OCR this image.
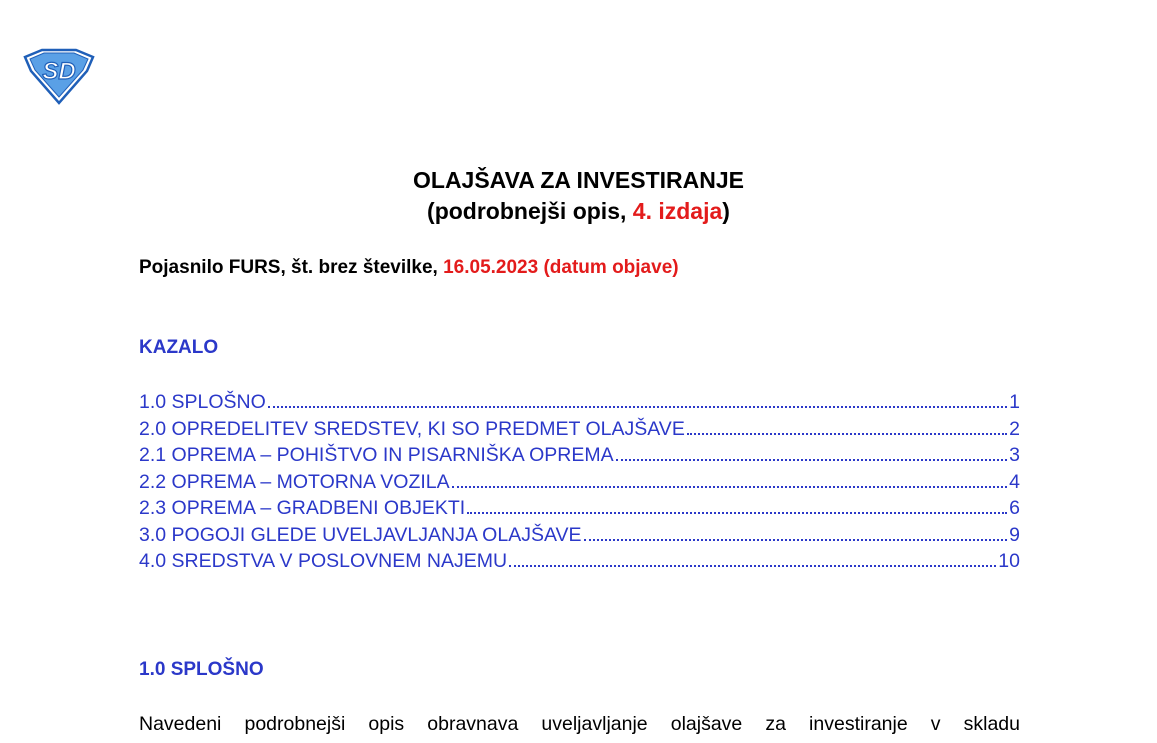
SD
OLAJŠAVA ZA INVESTIRANJE
(podrobnejši opis, 4. izdaja)
Pojasnilo FURS, št. brez številke, 16.05.2023 (datum objave)
KAZALO
1.0 SPLOŠNO	1
2.0 OPREDELITEV SREDSTEV, KI SO PREDMET OLAJŠAVE	2
2.1 OPREMA – POHIŠTVO IN PISARNIŠKA OPREMA	3
2.2 OPREMA – MOTORNA VOZILA	4
2.3 OPREMA – GRADBENI OBJEKTI	6
3.0 POGOJI GLEDE UVELJAVLJANJA OLAJŠAVE	9
4.0 SREDSTVA V POSLOVNEM NAJEMU	10
1.0 SPLOŠNO
Navedeni podrobnejši opis obravnava uveljavljanje olajšave za investiranje v skladu
